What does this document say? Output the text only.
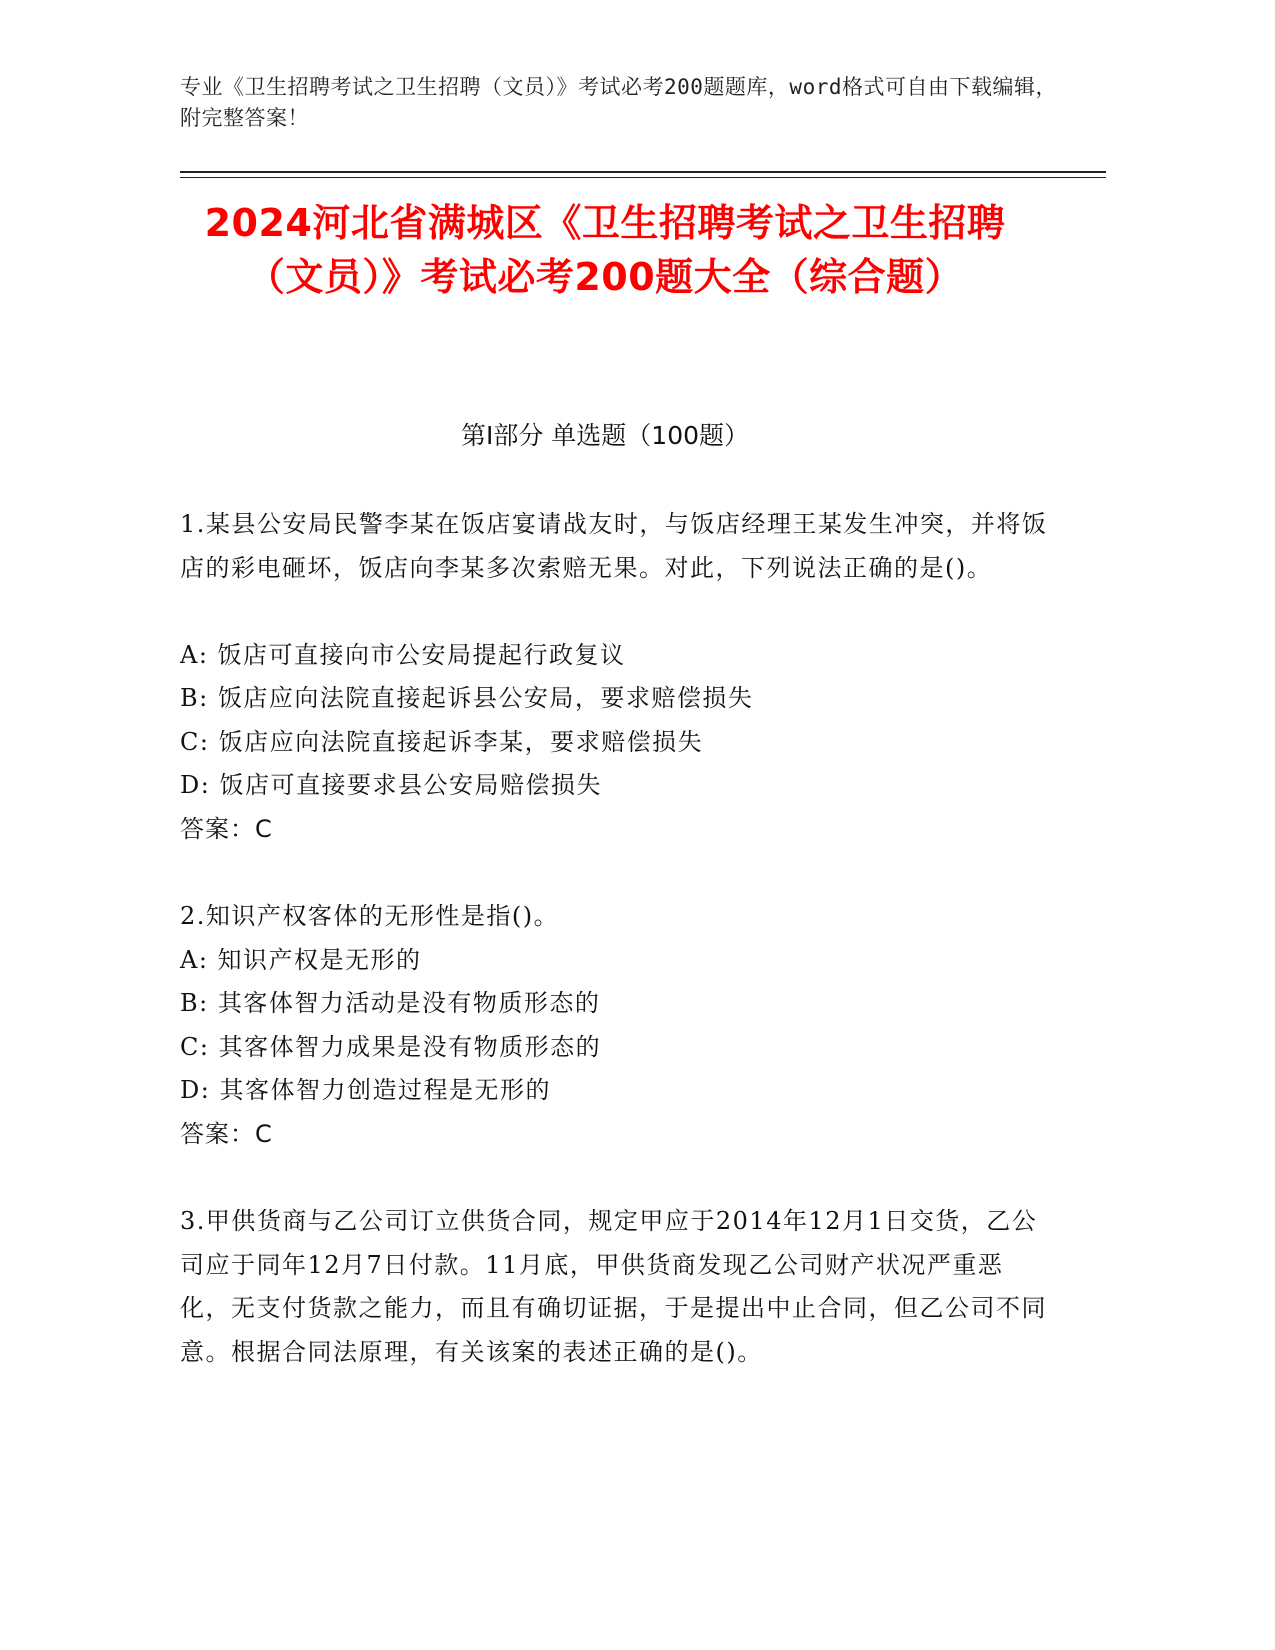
专业《卫生招聘考试之卫生招聘（文员）》考试必考200题题库，word格式可自由下载编辑，附完整答案！
2024河北省满城区《卫生招聘考试之卫生招聘（文员）》考试必考200题大全（综合题）
第Ⅰ部分 单选题（100题）
1.某县公安局民警李某在饭店宴请战友时，与饭店经理王某发生冲突，并将饭店的彩电砸坏，饭店向李某多次索赔无果。对此，下列说法正确的是()。
A: 饭店可直接向市公安局提起行政复议
B: 饭店应向法院直接起诉县公安局，要求赔偿损失
C: 饭店应向法院直接起诉李某，要求赔偿损失
D: 饭店可直接要求县公安局赔偿损失
答案：C
2.知识产权客体的无形性是指()。
A: 知识产权是无形的
B: 其客体智力活动是没有物质形态的
C: 其客体智力成果是没有物质形态的
D: 其客体智力创造过程是无形的
答案：C
3.甲供货商与乙公司订立供货合同，规定甲应于2014年12月1日交货，乙公司应于同年12月7日付款。11月底，甲供货商发现乙公司财产状况严重恶化，无支付货款之能力，而且有确切证据，于是提出中止合同，但乙公司不同意。根据合同法原理，有关该案的表述正确的是()。
